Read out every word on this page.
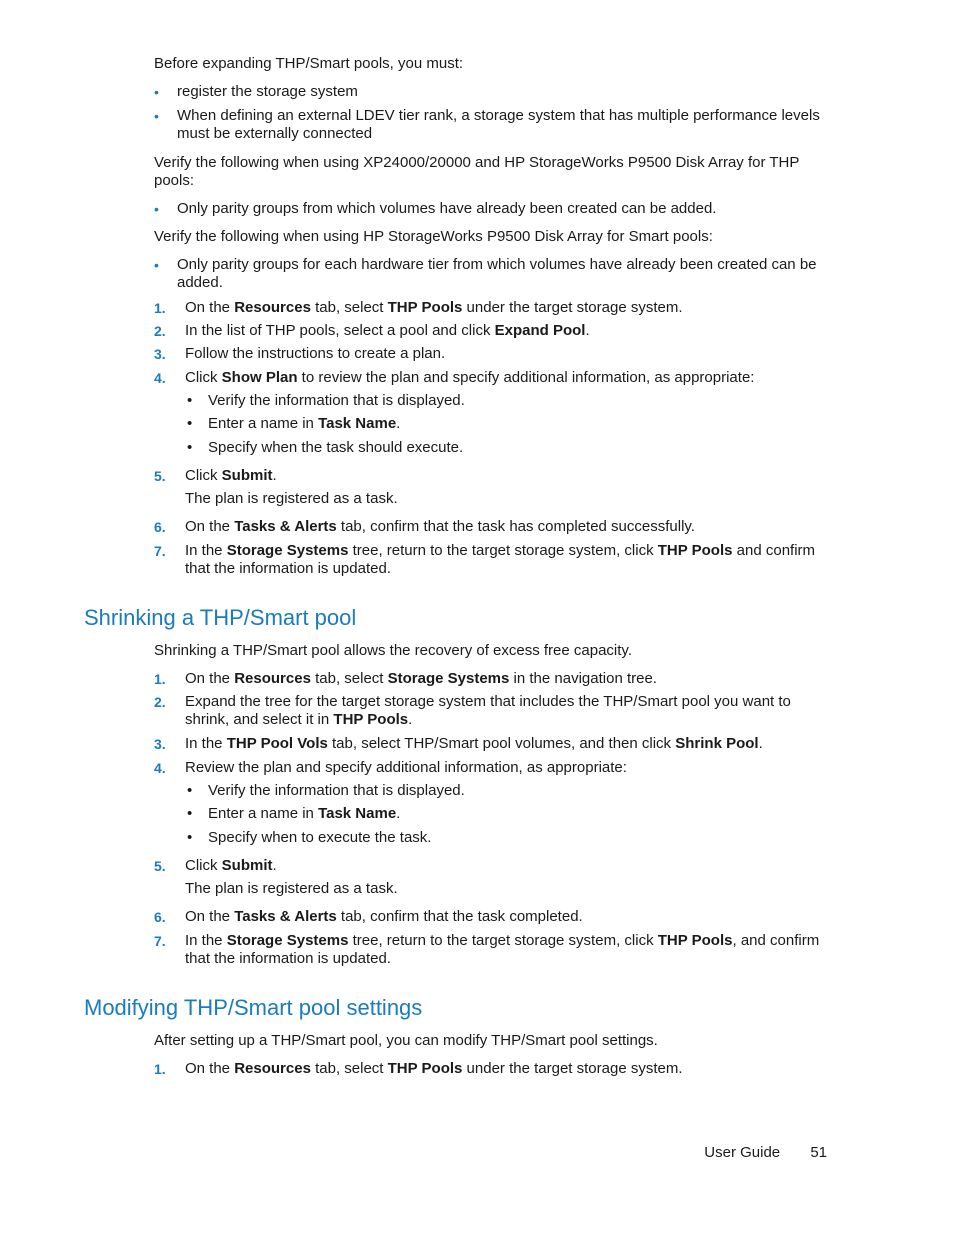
Before expanding THP/Smart pools, you must:

• register the storage system
• When defining an external LDEV tier rank, a storage system that has multiple performance levels must be externally connected

Verify the following when using XP24000/20000 and HP StorageWorks P9500 Disk Array for THP pools:

• Only parity groups from which volumes have already been created can be added.

Verify the following when using HP StorageWorks P9500 Disk Array for Smart pools:

• Only parity groups for each hardware tier from which volumes have already been created can be added.
1. On the Resources tab, select THP Pools under the target storage system.
2. In the list of THP pools, select a pool and click Expand Pool.
3. Follow the instructions to create a plan.
4. Click Show Plan to review the plan and specify additional information, as appropriate:
• Verify the information that is displayed.
• Enter a name in Task Name.
• Specify when the task should execute.
5. Click Submit.

The plan is registered as a task.

6. On the Tasks & Alerts tab, confirm that the task has completed successfully.
7. In the Storage Systems tree, return to the target storage system, click THP Pools and confirm that the information is updated.
Shrinking a THP/Smart pool

Shrinking a THP/Smart pool allows the recovery of excess free capacity.

1. On the Resources tab, select Storage Systems in the navigation tree.
2. Expand the tree for the target storage system that includes the THP/Smart pool you want to shrink, and select it in THP Pools.
3. In the THP Pool Vols tab, select THP/Smart pool volumes, and then click Shrink Pool.
4. Review the plan and specify additional information, as appropriate:
• Verify the information that is displayed.
• Enter a name in Task Name.
• Specify when to execute the task.
5. Click Submit.

The plan is registered as a task.

6. On the Tasks & Alerts tab, confirm that the task completed.
7. In the Storage Systems tree, return to the target storage system, click THP Pools, and confirm that the information is updated.
Modifying THP/Smart pool settings

After setting up a THP/Smart pool, you can modify THP/Smart pool settings.

1. On the Resources tab, select THP Pools under the target storage system.
User Guide 51
